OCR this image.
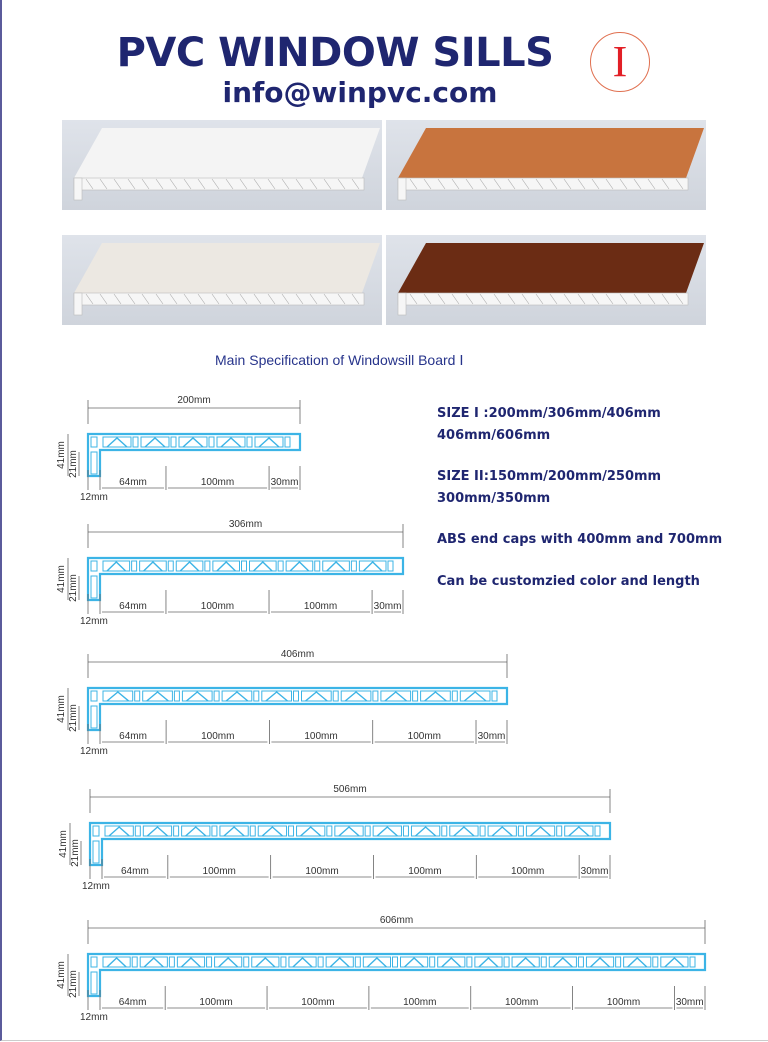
PVC WINDOW SILLS
info@winpvc.com
I
Main Specification of Windowsill Board Ⅰ
SIZE I :200mm/306mm/406mm
406mm/606mm
SIZE II:150mm/200mm/250mm
300mm/350mm
ABS end caps with 400mm and 700mm
Can be customzied color and length
200mm
41mm 21mm
64mm	100mm	30mm
12mm
306mm
41mm 21mm
64mm	100mm	100mm	30mm
12mm
406mm
41mm 21mm
64mm	100mm	100mm	100mm	30mm
12mm
506mm
41mm 21mm
64mm	100mm	100mm	100mm	100mm	30mm
12mm
606mm
41mm 21mm
64mm	100mm	100mm	100mm	100mm	100mm	30mm
12mm
